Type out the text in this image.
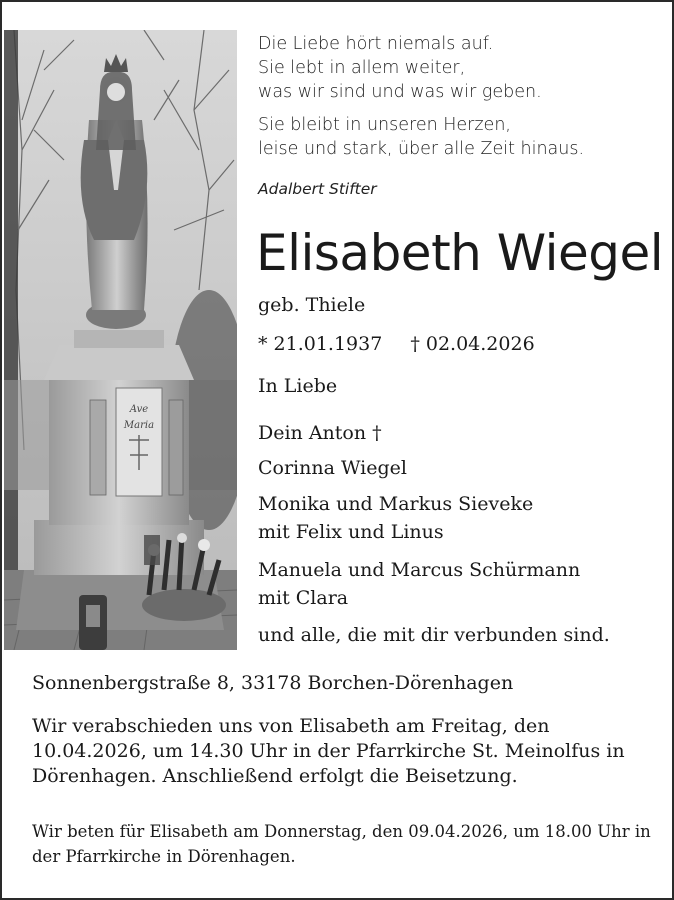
Ave
Maria
Die Liebe hört niemals auf.
Sie lebt in allem weiter,
was wir sind und was wir geben.
Sie bleibt in unseren Herzen,
leise und stark, über alle Zeit hinaus.
Adalbert Stifter
Elisabeth Wiegel
geb. Thiele
* 21.01.1937 † 02.04.2026
In Liebe
Dein Anton †
Corinna Wiegel
Monika und Markus Sieveke
mit Felix und Linus
Manuela und Marcus Schürmann
mit Clara
und alle, die mit dir verbunden sind.
Sonnenbergstraße 8, 33178 Borchen-Dörenhagen
Wir verabschieden uns von Elisabeth am Freitag, den 10.04.2026, um 14.30 Uhr in der Pfarrkirche St. Meinolfus in Dörenhagen. Anschließend erfolgt die Beisetzung.
Wir beten für Elisabeth am Donnerstag, den 09.04.2026, um 18.00 Uhr in der Pfarrkirche in Dörenhagen.
